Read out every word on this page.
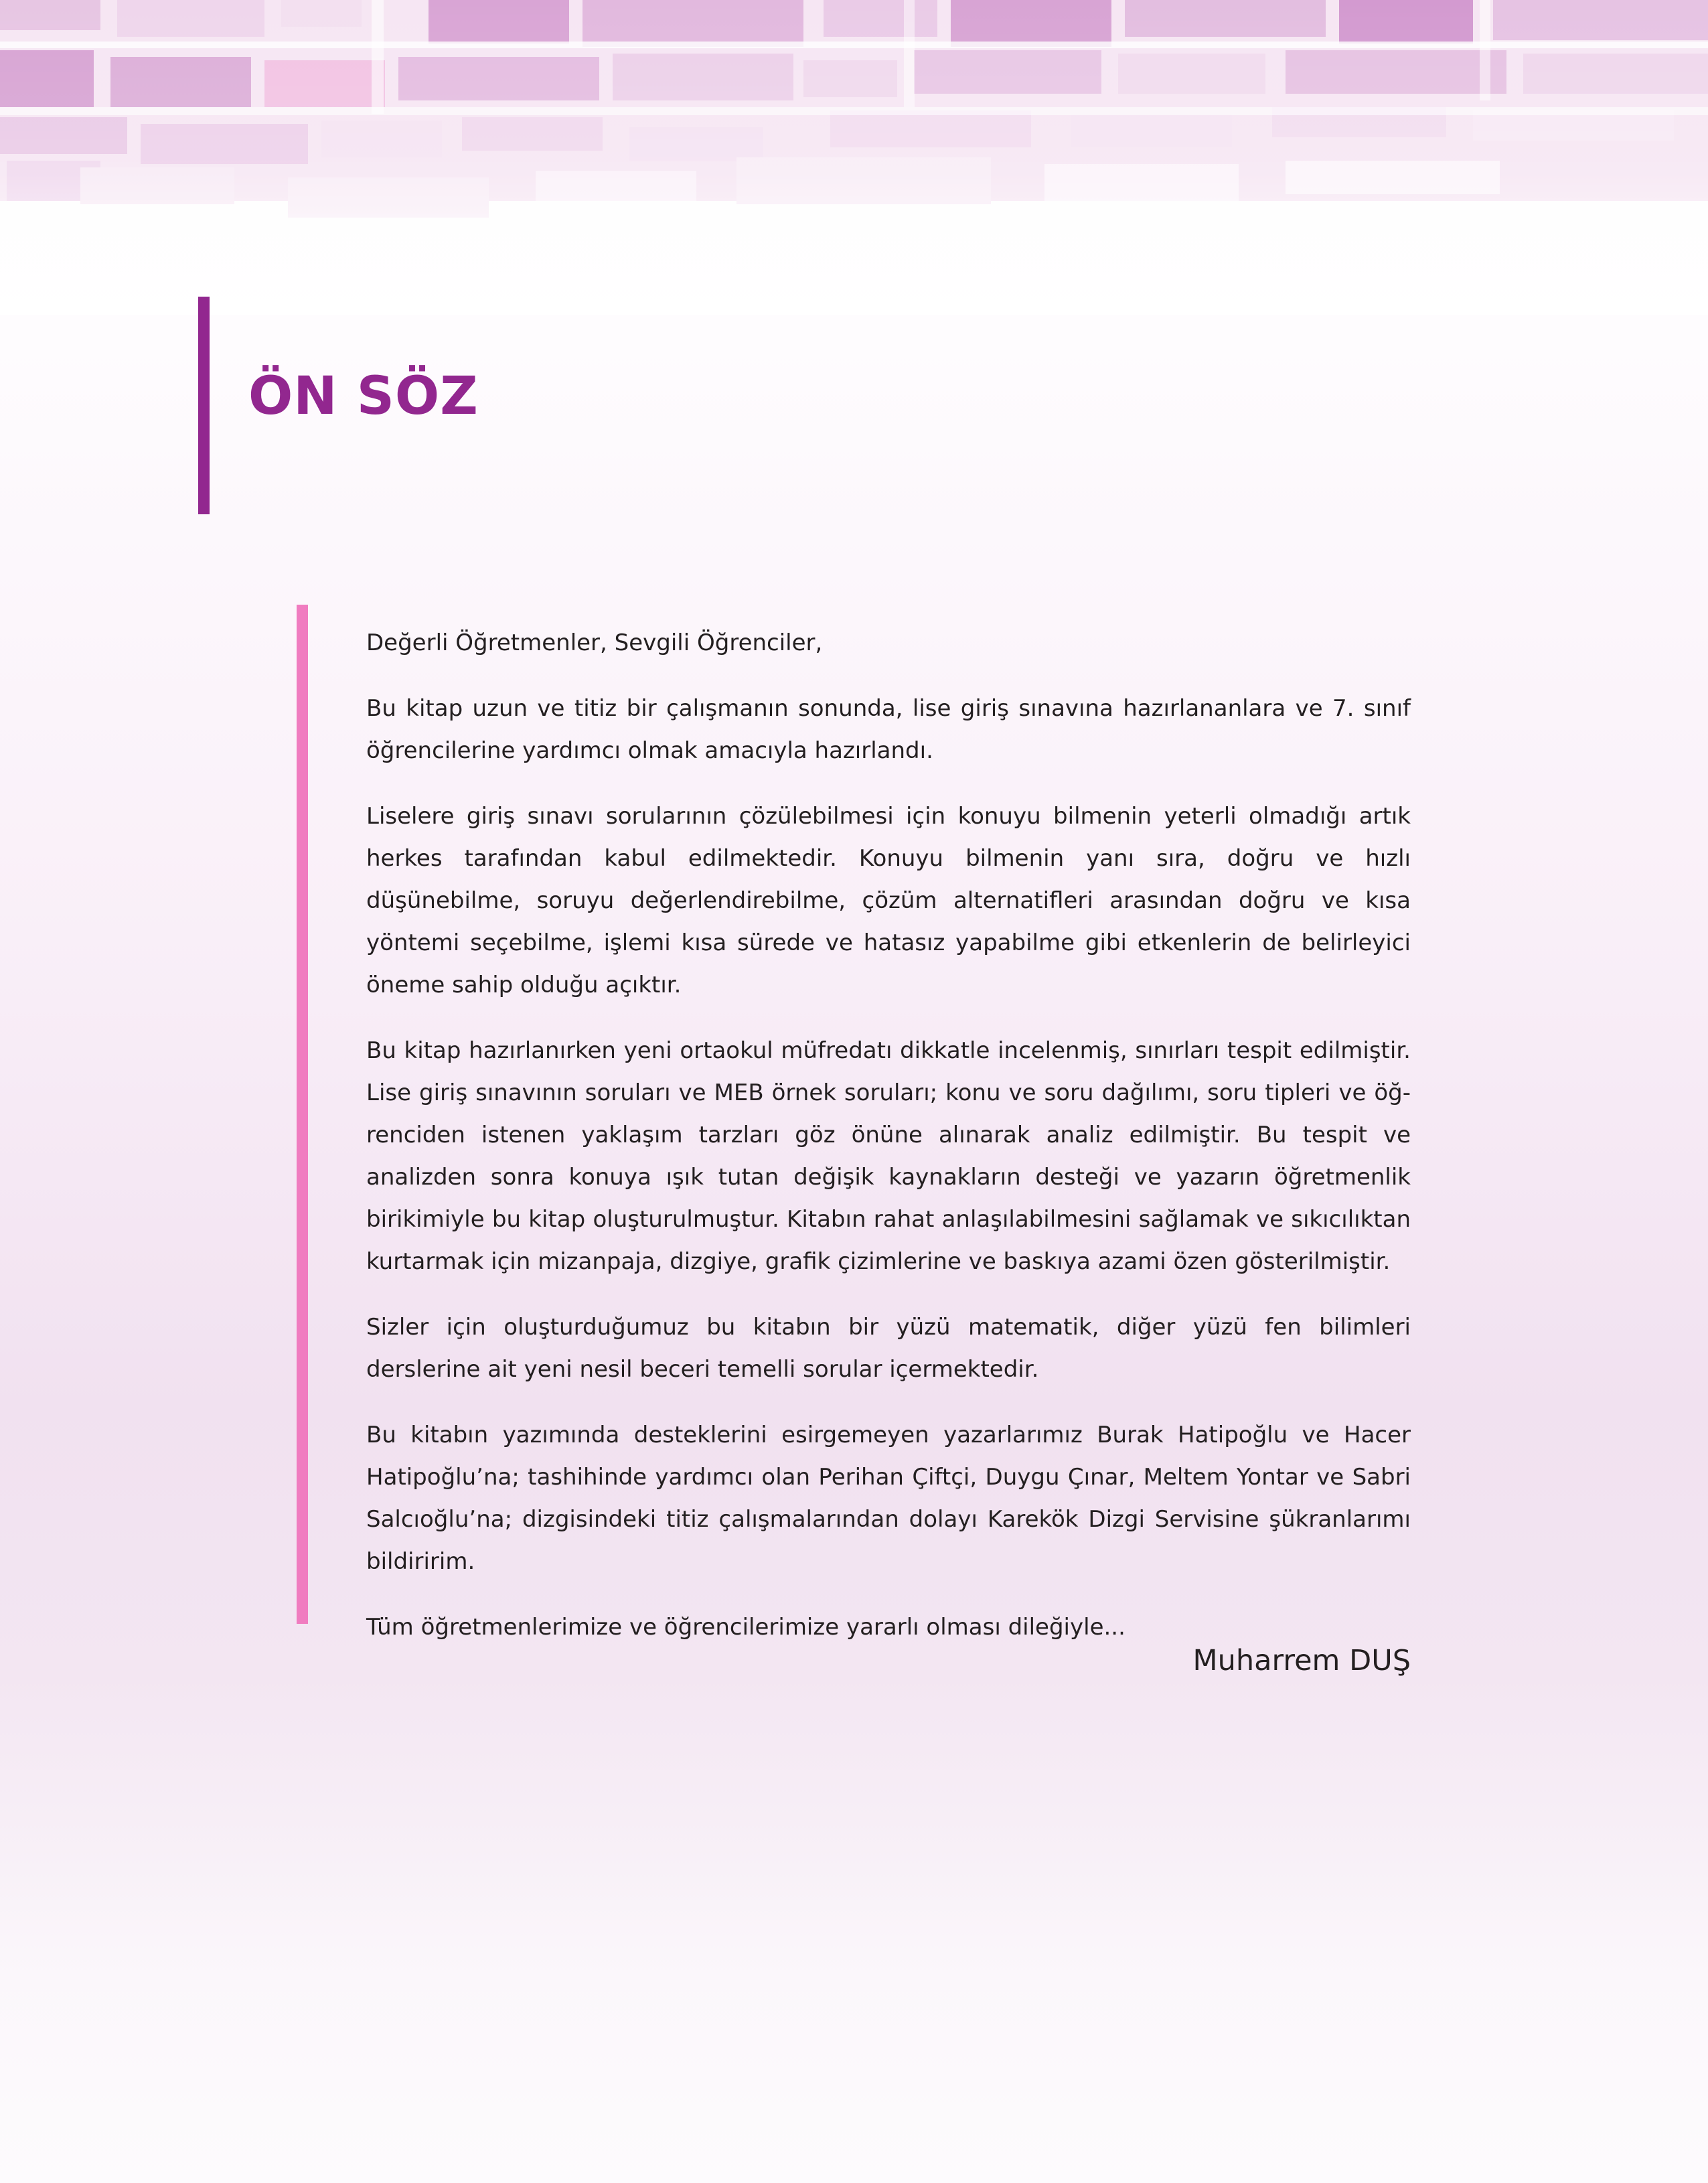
ÖN SÖZ

Değerli Öğretmenler, Sevgili Öğrenciler,

Bu kitap uzun ve titiz bir çalışmanın sonunda, lise giriş sınavına hazırlananlara ve 7. sınıf öğrencilerine yardımcı olmak amacıyla hazırlandı.

Liselere giriş sınavı sorularının çözülebilmesi için konuyu bilmenin yeterli olmadığı artık herkes tarafından kabul edilmektedir. Konuyu bilmenin yanı sıra, doğru ve hızlı düşünebilme, soruyu değerlendirebilme, çözüm alternatifleri arasından doğru ve kısa yöntemi seçebilme, işlemi kısa sürede ve hatasız yapabilme gibi etkenlerin de belirleyici öneme sahip olduğu açıktır.

Bu kitap hazırlanırken yeni ortaokul müfredatı dikkatle incelenmiş, sınırları tespit edilmiştir. Lise giriş sınavının soruları ve MEB örnek soruları; konu ve soru dağılımı, soru tipleri ve öğrenciden istenen yaklaşım tarzları göz önüne alınarak analiz edilmiştir. Bu tespit ve analizden sonra konuya ışık tutan değişik kaynakların desteği ve yazarın öğretmenlik birikimiyle bu kitap oluşturulmuştur. Kitabın rahat anlaşılabilmesini sağlamak ve sıkıcılıktan kurtarmak için mizanpaja, dizgiye, grafik çizimlerine ve baskıya azami özen gösterilmiştir.

Sizler için oluşturduğumuz bu kitabın bir yüzü matematik, diğer yüzü fen bilimleri derslerine ait yeni nesil beceri temelli sorular içermektedir.

Bu kitabın yazımında desteklerini esirgemeyen yazarlarımız Burak Hatipoğlu ve Hacer Hatipoğlu’na; tashihinde yardımcı olan Perihan Çiftçi, Duygu Çınar, Meltem Yontar ve Sabri Salcıoğlu’na; dizgisindeki titiz çalışmalarından dolayı Karekök Dizgi Servisine şükranlarımı bildiririm.

Tüm öğretmenlerimize ve öğrencilerimize yararlı olması dileğiyle...

Muharrem DUŞ
